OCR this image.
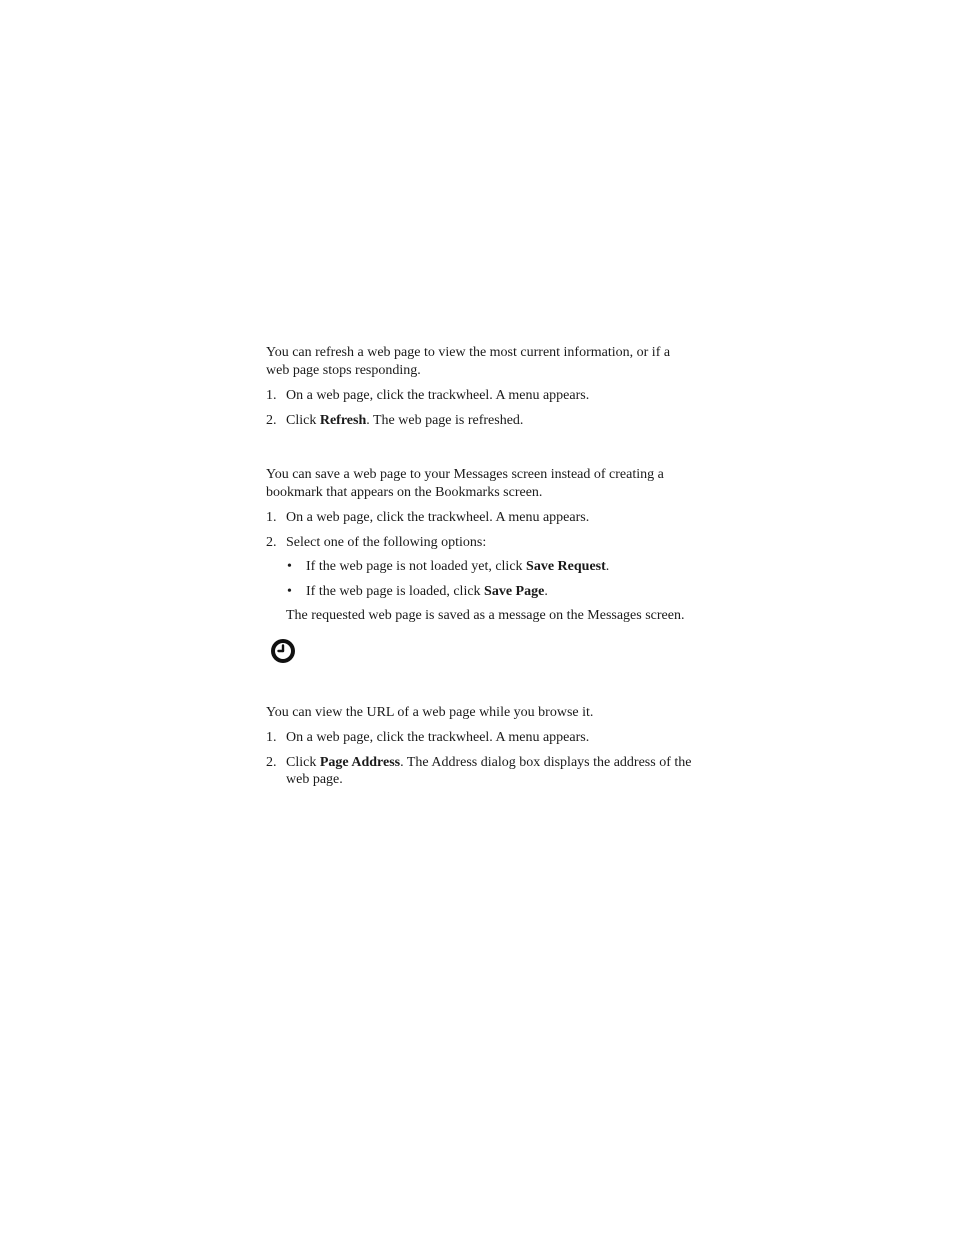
You can refresh a web page to view the most current information, or if a web page stops responding.

1. On a web page, click the trackwheel. A menu appears.
2. Click Refresh. The web page is refreshed.

You can save a web page to your Messages screen instead of creating a bookmark that appears on the Bookmarks screen.

1. On a web page, click the trackwheel. A menu appears.
2. Select one of the following options:
• If the web page is not loaded yet, click Save Request.
• If the web page is loaded, click Save Page.

The requested web page is saved as a message on the Messages screen.

You can view the URL of a web page while you browse it.

1. On a web page, click the trackwheel. A menu appears.
2. Click Page Address. The Address dialog box displays the address of the web page.
